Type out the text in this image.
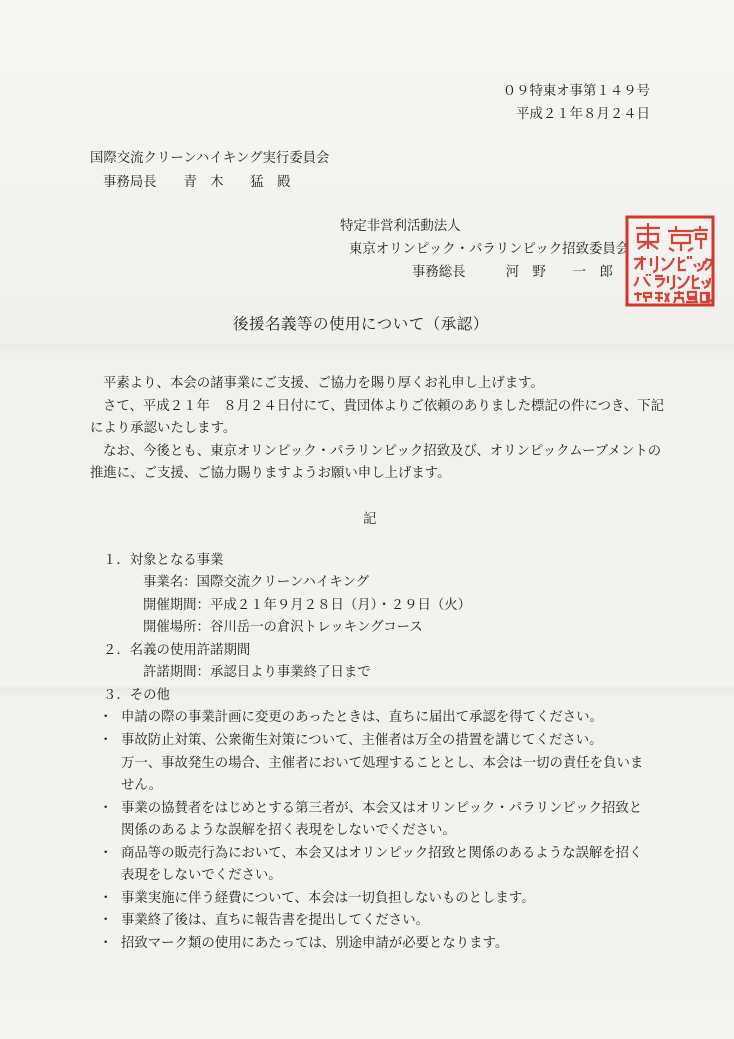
０９特東オ事第１４９号
平成２１年８月２４日
国際交流クリーンハイキング実行委員会
事務局長　　青　木　　猛　殿
特定非営利活動法人
東京オリンピック・パラリンピック招致委員会
事務総長　　　河　野　　一　郎
後援名義等の使用について（承認）
平素より、本会の諸事業にご支援、ご協力を賜り厚くお礼申し上げます。
さて、平成２１年　８月２４日付にて、貴団体よりご依頼のありました標記の件につき、下記
により承認いたします。
なお、今後とも、東京オリンピック・パラリンピック招致及び、オリンピックムーブメントの
推進に、ご支援、ご協力賜りますようお願い申し上げます。
記
１．対象となる事業
事業名：国際交流クリーンハイキング
開催期間：平成２１年９月２８日（月）・２９日（火）
開催場所：谷川岳一の倉沢トレッキングコース
２．名義の使用許諾期間
許諾期間：承認日より事業終了日まで
３．その他
・ 申請の際の事業計画に変更のあったときは、直ちに届出て承認を得てください。
・ 事故防止対策、公衆衛生対策について、主催者は万全の措置を講じてください。
万一、事故発生の場合、主催者において処理することとし、本会は一切の責任を負いま
せん。
・ 事業の協賛者をはじめとする第三者が、本会又はオリンピック・パラリンピック招致と
関係のあるような誤解を招く表現をしないでください。
・ 商品等の販売行為において、本会又はオリンピック招致と関係のあるような誤解を招く
表現をしないでください。
・ 事業実施に伴う経費について、本会は一切負担しないものとします。
・ 事業終了後は、直ちに報告書を提出してください。
・ 招致マーク類の使用にあたっては、別途申請が必要となります。
